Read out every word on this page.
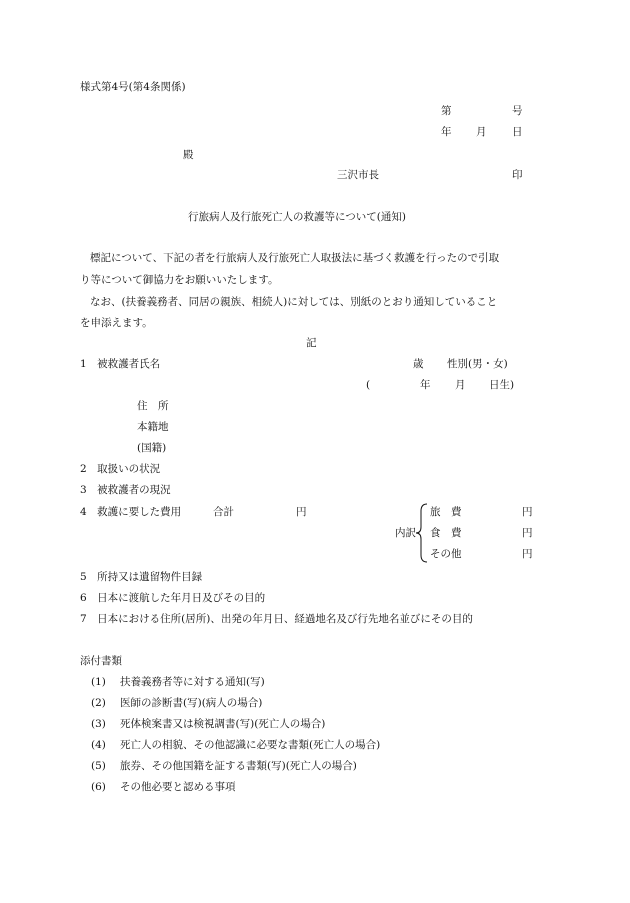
様式第4号(第4条関係)
第	号
年 月 日
殿
三沢市長	印
行旅病人及行旅死亡人の救護等について(通知)
標記について、下記の者を行旅病人及行旅死亡人取扱法に基づく救護を行ったので引取
り等について御協力をお願いいたします。
なお、(扶養義務者、同居の親族、相続人)に対しては、別紙のとおり通知していること
を申添えます。
記
1　被救護者氏名	歳 性別(男・女)
(	年 月 日生)
住　所
本籍地
(国籍)
2　取扱いの状況
3　被救護者の現況
4　救護に要した費用	合計	円
内訳
旅　費	円
食　費	円
その他	円
5　所持又は遺留物件目録
6　日本に渡航した年月日及びその目的
7　日本における住所(居所)、出発の年月日、経過地名及び行先地名並びにその目的
添付書類
(1) 扶養義務者等に対する通知(写)
(2) 医師の診断書(写)(病人の場合)
(3) 死体検案書又は検視調書(写)(死亡人の場合)
(4) 死亡人の相貌、その他認識に必要な書類(死亡人の場合)
(5) 旅券、その他国籍を証する書類(写)(死亡人の場合)
(6) その他必要と認める事項
